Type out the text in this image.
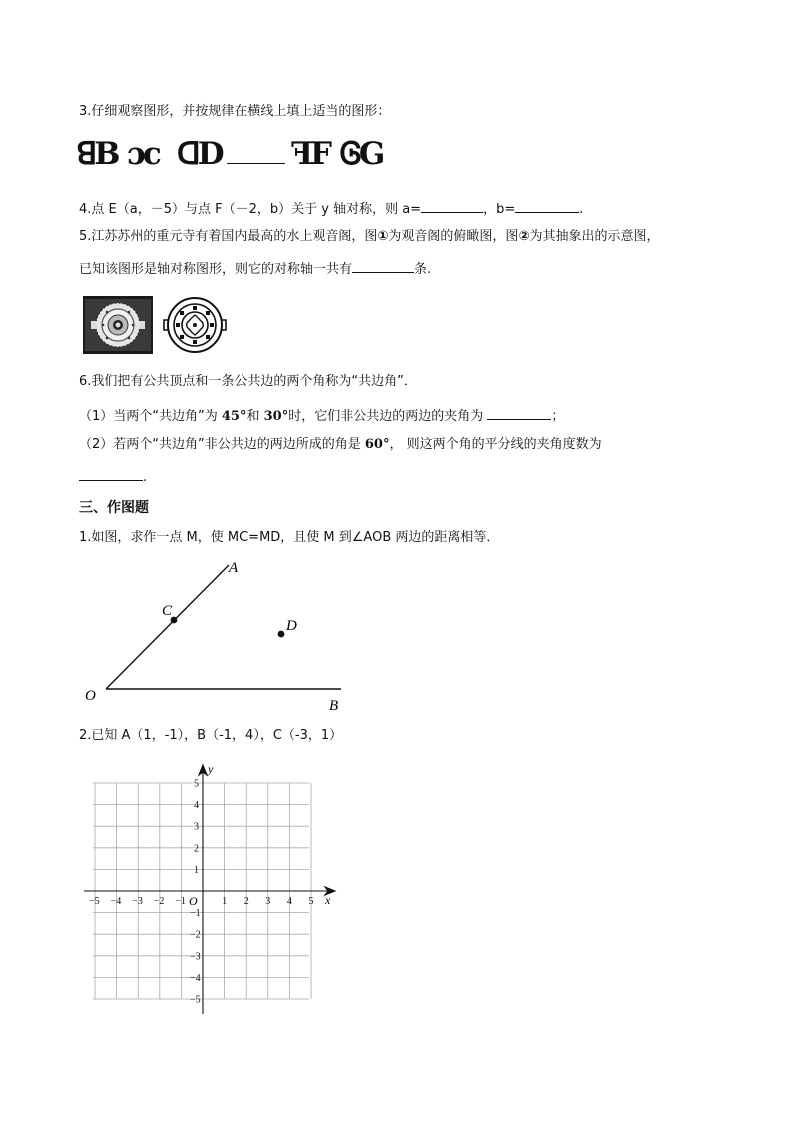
3.仔细观察图形，并按规律在横线上填上适当的图形：
ꓭB ɔc ᗡD ꟻF ᎶG
4.点 E（a，－5）与点 F（－2，b）关于 y 轴对称，则 a=	，b=	.
5.江苏苏州的重元寺有着国内最高的水上观音阁，图①为观音阁的俯瞰图，图②为其抽象出的示意图，
已知该图形是轴对称图形，则它的对称轴一共有	条.
6.我们把有公共顶点和一条公共边的两个角称为“共边角”．
（1）当两个“共边角”为 45°和 30°时，它们非公共边的两边的夹角为	；
（2）若两个“共边角”非公共边的两边所成的角是 60°， 则这两个角的平分线的夹角度数为
.
三、作图题
1.如图，求作一点 M，使 MC=MD，且使 M 到∠AOB 两边的距离相等．
A
B
C
D
O
2.已知 A（1，-1），B（-1，4），C（-3，1）
−5 −4 −3 −2 −1	1 2 3 4 5
5
4
3
2
1
−1
−2
−3
−4
−5
x
y
O
